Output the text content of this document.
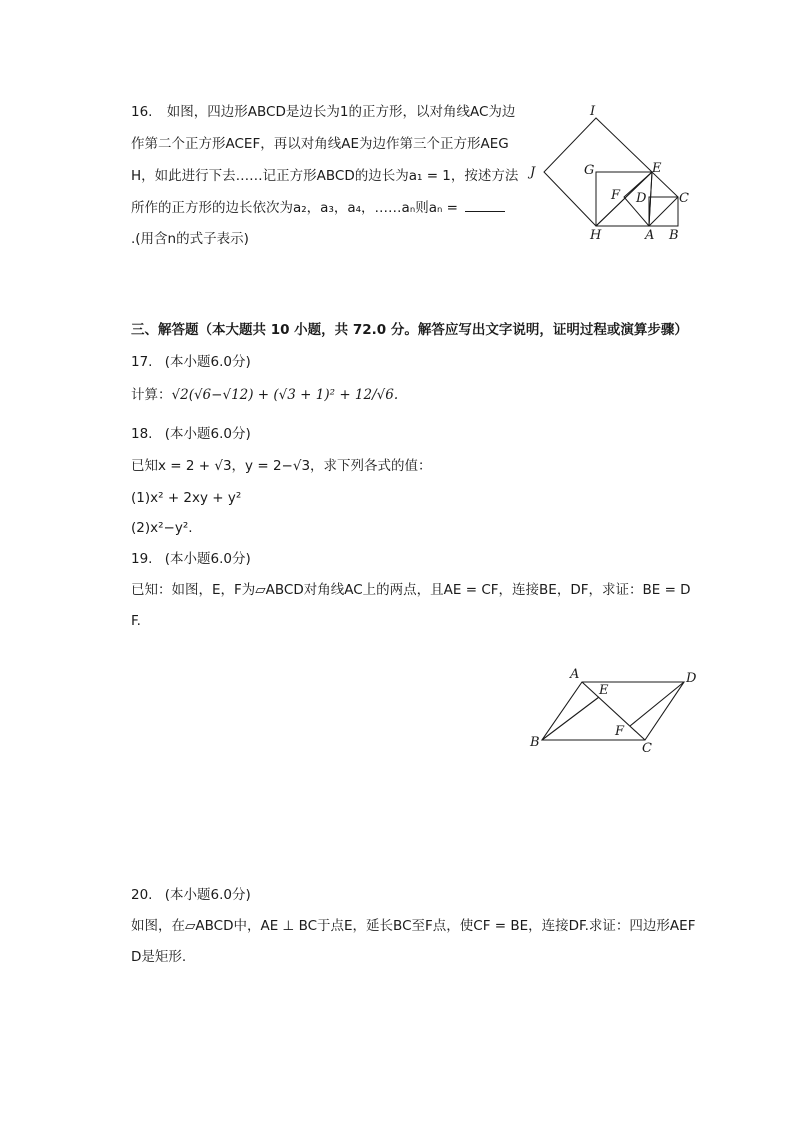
16. 如图，四边形ABCD是边长为1的正方形，以对角线AC为边
作第二个正方形ACEF，再以对角线AE为边作第三个正方形AEG
H，如此进行下去……记正方形ABCD的边长为a₁ = 1，按述方法
所作的正方形的边长依次为a₂，a₃，a₄，……aₙ则aₙ =
.(用含n的式子表示)
I
J	G	E
F D	C
H	A B
三、解答题（本大题共 10 小题，共 72.0 分。解答应写出文字说明，证明过程或演算步骤）
17. (本小题6.0分)
计算：√2(√6−√12) + (√3 + 1)² + 12/√6.
18. (本小题6.0分)
已知x = 2 + √3，y = 2−√3，求下列各式的值：
(1)x² + 2xy + y²
(2)x²−y².
19. (本小题6.0分)
已知：如图，E，F为▱ABCD对角线AC上的两点，且AE = CF，连接BE，DF，求证：BE = D
F.
A
E
D
B
F
C
20. (本小题6.0分)
如图，在▱ABCD中，AE ⊥ BC于点E，延长BC至F点，使CF = BE，连接DF.求证：四边形AEF
D是矩形.
